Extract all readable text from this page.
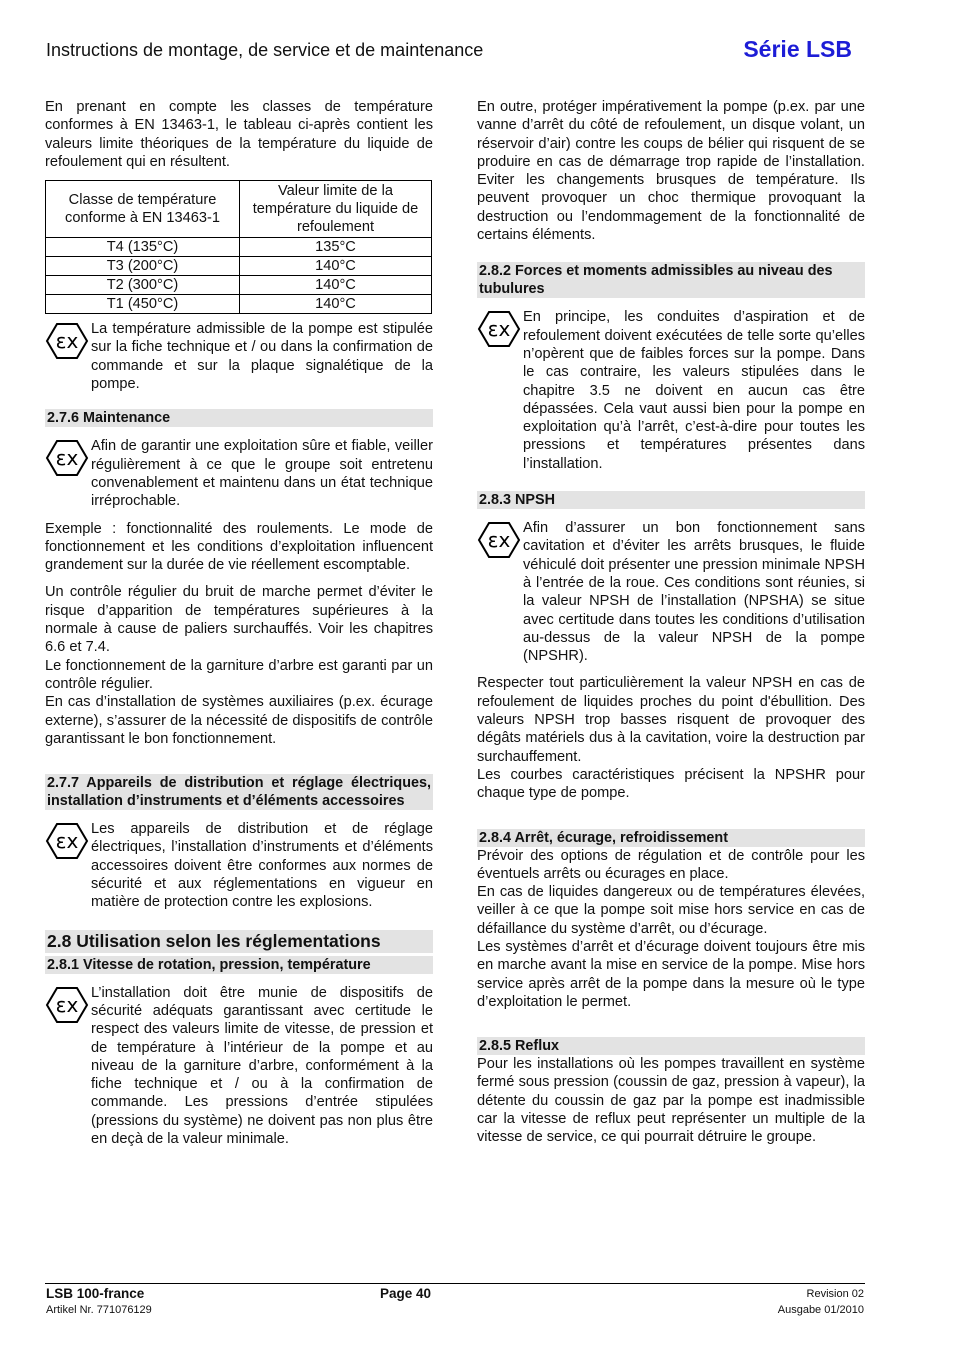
Instructions de montage, de service et de maintenance	Série LSB

En prenant en compte les classes de température conformes à EN 13463-1, le tableau ci-après contient les valeurs limite théoriques de la température du liquide de refoulement qui en résultent.

Classe de température conforme à EN 13463-1	Valeur limite de la température du liquide de refoulement
T4 (135°C)	135°C
T3 (200°C)	140°C
T2 (300°C)	140°C
T1 (450°C)	140°C
εx La température admissible de la pompe est stipulée sur la fiche technique et / ou dans la confirmation de commande et sur la plaque signalétique de la pompe.

2.7.6 Maintenance
εx Afin de garantir une exploitation sûre et fiable, veiller régulièrement à ce que le groupe soit entretenu convenablement et maintenu dans un état technique irréprochable.

Exemple : fonctionnalité des roulements. Le mode de fonctionnement et les conditions d’exploitation influencent grandement sur la durée de vie réellement escomptable.

Un contrôle régulier du bruit de marche permet d’éviter le risque d’apparition de températures supérieures à la normale à cause de paliers surchauffés. Voir les chapitres 6.6 et 7.4.

Le fonctionnement de la garniture d’arbre est garanti par un contrôle régulier.

En cas d’installation de systèmes auxiliaires (p.ex. écurage externe), s’assurer de la nécessité de dispositifs de contrôle garantissant le bon fonctionnement.

2.7.7 Appareils de distribution et réglage électriques, installation d’instruments et d’éléments accessoires
εx Les appareils de distribution et de réglage électriques, l’installation d’instruments et d’éléments accessoires doivent être conformes aux normes de sécurité et aux réglementations en vigueur en matière de protection contre les explosions.

2.8 Utilisation selon les réglementations
2.8.1 Vitesse de rotation, pression, température
εx L’installation doit être munie de dispositifs de sécurité adéquats garantissant avec certitude le respect des valeurs limite de vitesse, de pression et de température à l’intérieur de la pompe et au niveau de la garniture d’arbre, conformément à la fiche technique et / ou à la confirmation de commande. Les pressions d’entrée stipulées (pressions du système) ne doivent pas non plus être en deçà de la valeur minimale.

En outre, protéger impérativement la pompe (p.ex. par une vanne d’arrêt du côté de refoulement, un disque volant, un réservoir d’air) contre les coups de bélier qui risquent de se produire en cas de démarrage trop rapide de l’installation. Eviter les changements brusques de température. Ils peuvent provoquer un choc thermique provoquant la destruction ou l’endommagement de la fonctionnalité de certains éléments.

2.8.2 Forces et moments admissibles au niveau des tubulures
εx En principe, les conduites d’aspiration et de refoulement doivent exécutées de telle sorte qu’elles n’opèrent que de faibles forces sur la pompe. Dans le cas contraire, les valeurs stipulées dans le chapitre 3.5 ne doivent en aucun cas être dépassées. Cela vaut aussi bien pour la pompe en exploitation qu’à l’arrêt, c’est-à-dire pour toutes les pressions et températures présentes dans l’installation.

2.8.3 NPSH
εx Afin d’assurer un bon fonctionnement sans cavitation et d’éviter les arrêts brusques, le fluide véhiculé doit présenter une pression minimale NPSH à l’entrée de la roue. Ces conditions sont réunies, si la valeur NPSH de l’installation (NPSHA) se situe avec certitude dans toutes les conditions d’utilisation au-dessus de la valeur NPSH de la pompe (NPSHR).

Respecter tout particulièrement la valeur NPSH en cas de refoulement de liquides proches du point d'ébullition. Des valeurs NPSH trop basses risquent de provoquer des dégâts matériels dus à la cavitation, voire la destruction par surchauffement.

Les courbes caractéristiques précisent la NPSHR pour chaque type de pompe.

2.8.4 Arrêt, écurage, refroidissement

Prévoir des options de régulation et de contrôle pour les éventuels arrêts ou écurages en place.

En cas de liquides dangereux ou de températures élevées, veiller à ce que la pompe soit mise hors service en cas de défaillance du système d’arrêt, ou d’écurage.

Les systèmes d’arrêt et d’écurage doivent toujours être mis en marche avant la mise en service de la pompe. Mise hors service après arrêt de la pompe dans la mesure où le type d’exploitation le permet.

2.8.5 Reflux

Pour les installations où les pompes travaillent en système fermé sous pression (coussin de gaz, pression à vapeur), la détente du coussin de gaz par la pompe est inadmissible car la vitesse de reflux peut représenter un multiple de la vitesse de service, ce qui pourrait détruire le groupe.

LSB 100-france
Artikel Nr. 771076129
Page 40	Revision 02
Ausgabe 01/2010
